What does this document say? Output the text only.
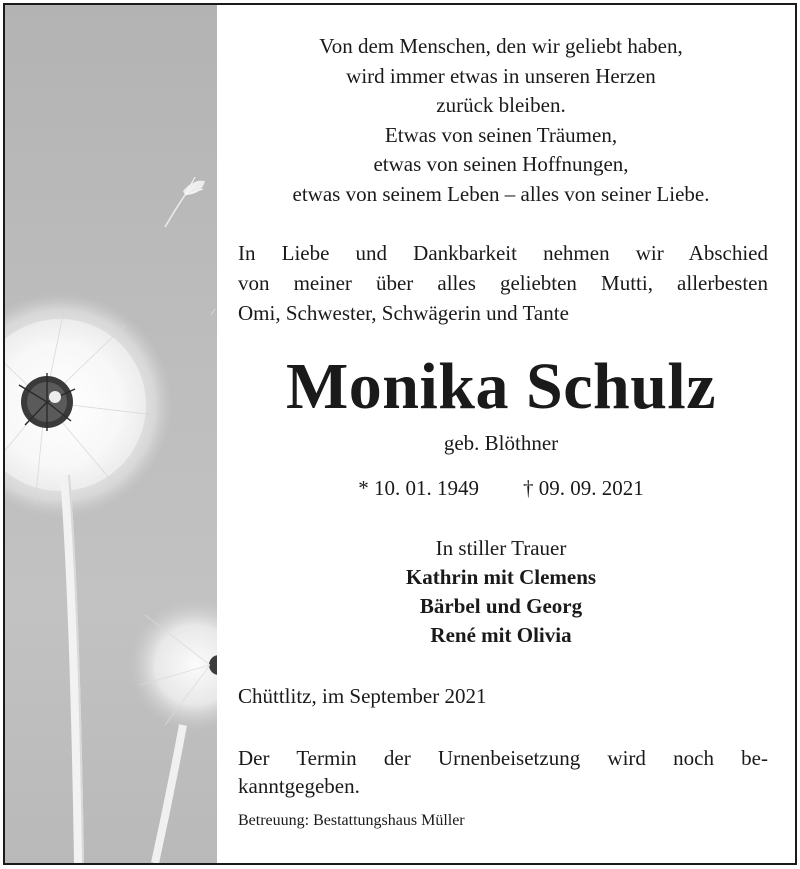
Von dem Menschen, den wir geliebt haben,
wird immer etwas in unseren Herzen
zurück bleiben.
Etwas von seinen Träumen,
etwas von seinen Hoffnungen,
etwas von seinem Leben – alles von seiner Liebe.
In Liebe und Dankbarkeit nehmen wir Abschied
von meiner über alles geliebten Mutti, allerbesten
Omi, Schwester, Schwägerin und Tante
Monika Schulz
geb. Blöthner
* 10. 01. 1949 † 09. 09. 2021
In stiller Trauer
Kathrin mit Clemens
Bärbel und Georg
René mit Olivia
Chüttlitz, im September 2021
Der Termin der Urnenbeisetzung wird noch be-
kanntgegeben.
Betreuung: Bestattungshaus Müller
